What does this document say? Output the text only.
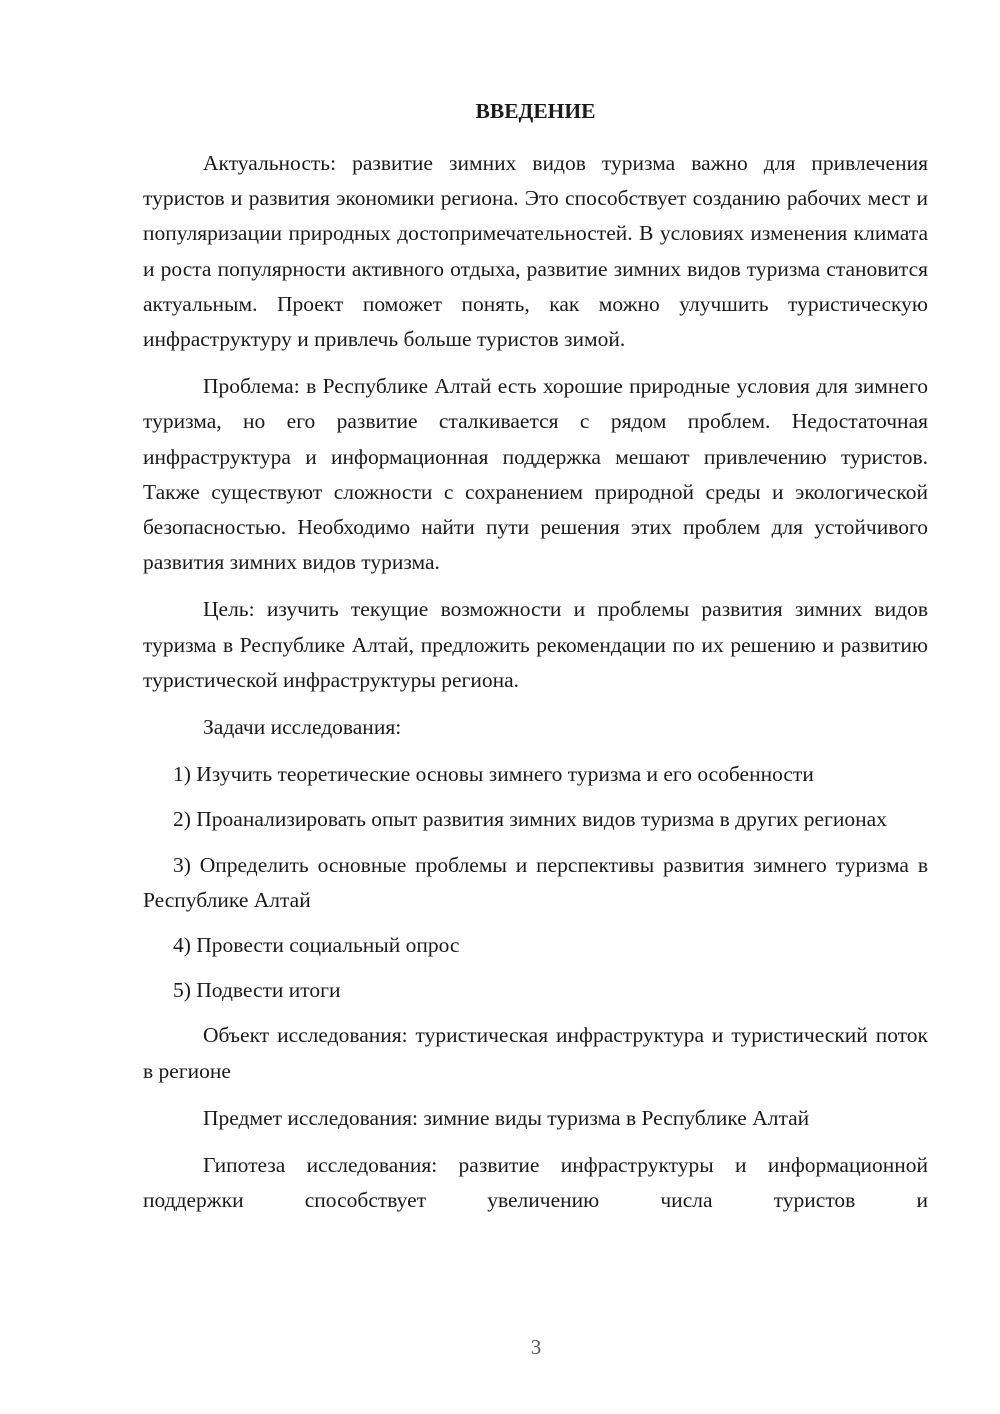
ВВЕДЕНИЕ

Актуальность: развитие зимних видов туризма важно для привлечения туристов и развития экономики региона. Это способствует созданию рабочих мест и популяризации природных достопримечательностей. В условиях изменения климата и роста популярности активного отдыха, развитие зимних видов туризма становится актуальным. Проект поможет понять, как можно улучшить туристическую инфраструктуру и привлечь больше туристов зимой.

Проблема: в Республике Алтай есть хорошие природные условия для зимнего туризма, но его развитие сталкивается с рядом проблем. Недостаточная инфраструктура и информационная поддержка мешают привлечению туристов. Также существуют сложности с сохранением природной среды и экологической безопасностью. Необходимо найти пути решения этих проблем для устойчивого развития зимних видов туризма.

Цель: изучить текущие возможности и проблемы развития зимних видов туризма в Республике Алтай, предложить рекомендации по их решению и развитию туристической инфраструктуры региона.

Задачи исследования:

1) Изучить теоретические основы зимнего туризма и его особенности

2) Проанализировать опыт развития зимних видов туризма в других регионах

3) Определить основные проблемы и перспективы развития зимнего туризма в Республике Алтай

4) Провести социальный опрос

5) Подвести итоги

Объект исследования: туристическая инфраструктура и туристический поток в регионе

Предмет исследования: зимние виды туризма в Республике Алтай

Гипотеза исследования: развитие инфраструктуры и информационной поддержки способствует увеличению числа туристов и

3
